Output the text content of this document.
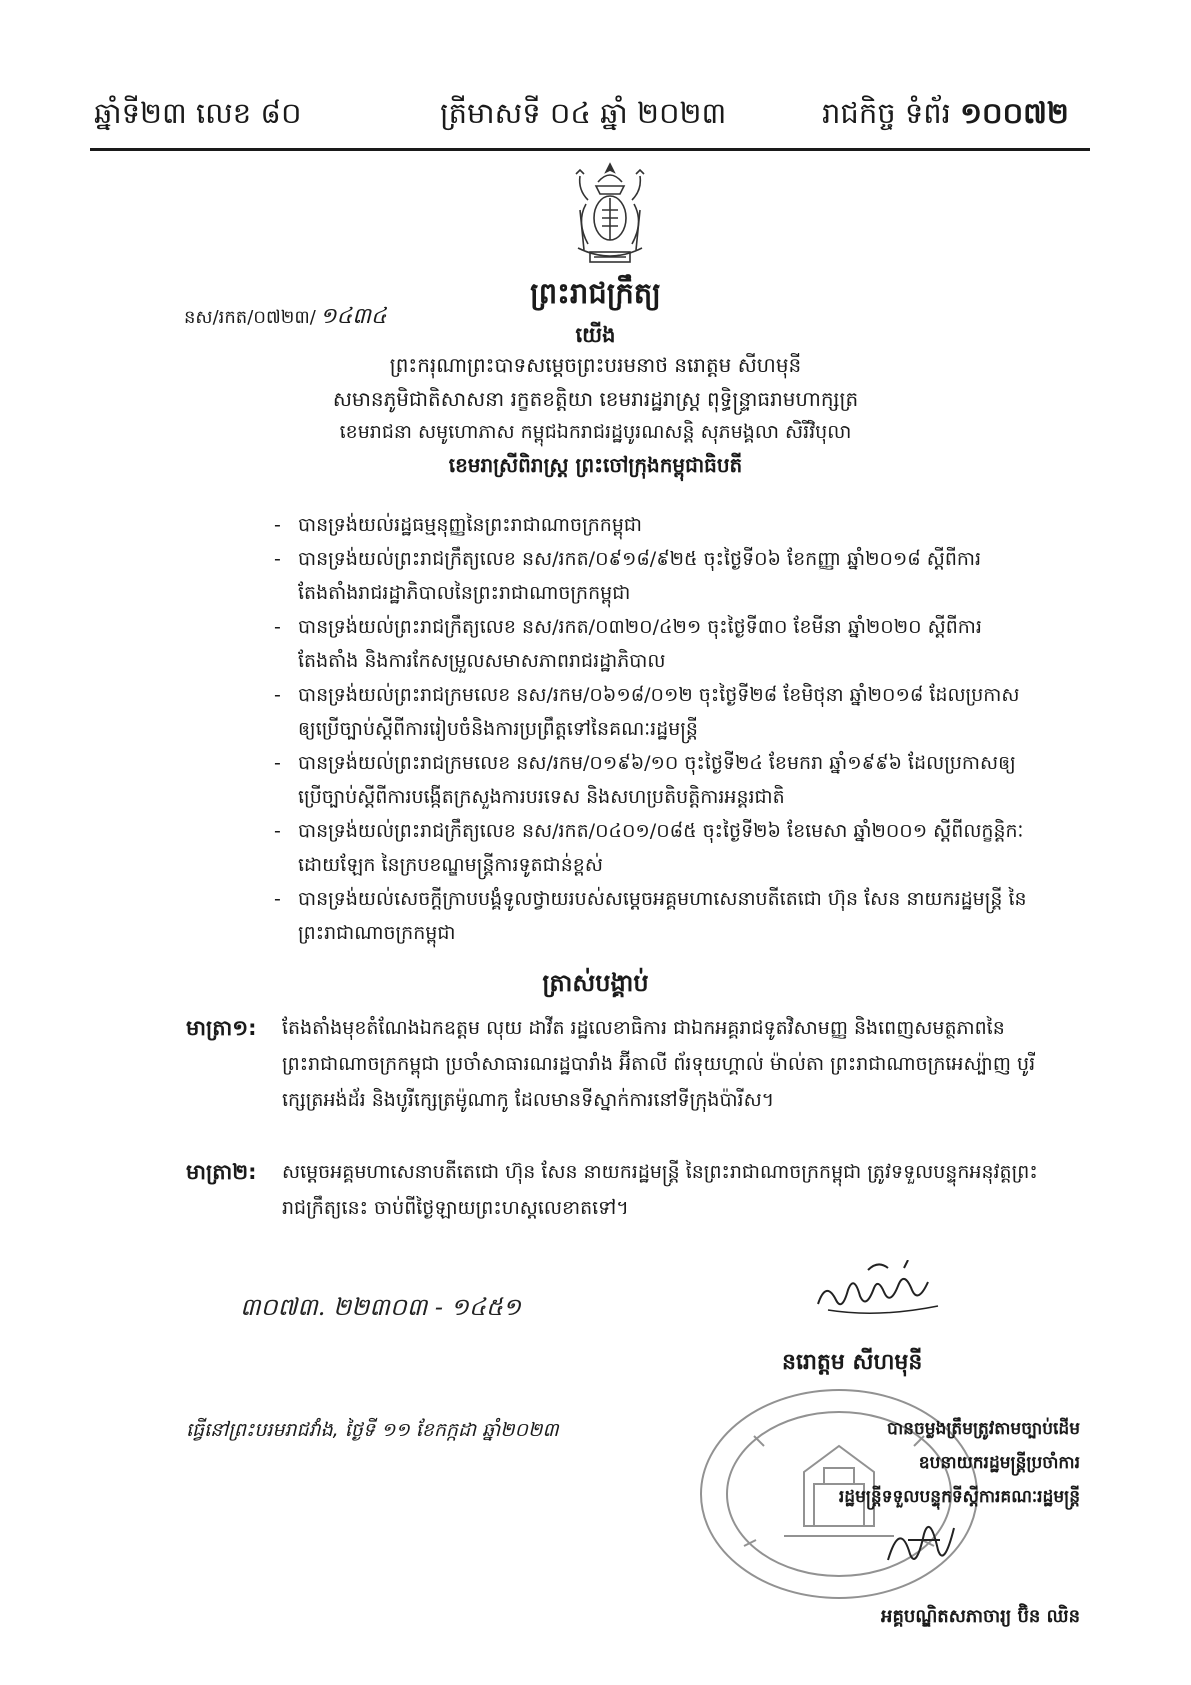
ឆ្នាំទី២៣ លេខ ៨០	ត្រីមាសទី ០៤ ឆ្នាំ ២០២៣	រាជកិច្ច ទំព័រ ១០០៧២
ព្រះរាជក្រឹត្យ
នស/រកត/០៧២៣/ ១៤៣៤
យើង
ព្រះករុណាព្រះបាទសម្តេចព្រះបរមនាថ នរោត្តម សីហមុនី
សមានភូមិជាតិសាសនា រក្ខតខត្តិយា ខេមរារដ្ឋរាស្ត្រ ពុទ្ធិន្ទ្រាធរាមហាក្សត្រ
ខេមរាជនា សមូហោភាស កម្ពុជឯករាជរដ្ឋបូរណសន្តិ សុភមង្គលា សិរីវិបុលា
ខេមរាស្រីពិរាស្ត្រ ព្រះចៅក្រុងកម្ពុជាធិបតី
- បានទ្រង់យល់រដ្ឋធម្មនុញ្ញនៃព្រះរាជាណាចក្រកម្ពុជា
- បានទ្រង់យល់ព្រះរាជក្រឹត្យលេខ នស/រកត/០៩១៨/៩២៥ ចុះថ្ងៃទី០៦ ខែកញ្ញា ឆ្នាំ២០១៨ ស្តីពីការតែងតាំងរាជរដ្ឋាភិបាលនៃព្រះរាជាណាចក្រកម្ពុជា
- បានទ្រង់យល់ព្រះរាជក្រឹត្យលេខ នស/រកត/០៣២០/៤២១ ចុះថ្ងៃទី៣០ ខែមីនា ឆ្នាំ២០២០ ស្តីពីការតែងតាំង និងការកែសម្រួលសមាសភាពរាជរដ្ឋាភិបាល
- បានទ្រង់យល់ព្រះរាជក្រមលេខ នស/រកម/០៦១៨/០១២ ចុះថ្ងៃទី២៨ ខែមិថុនា ឆ្នាំ២០១៨ ដែលប្រកាស ឲ្យប្រើច្បាប់ស្តីពីការរៀបចំនិងការប្រព្រឹត្តទៅនៃគណៈរដ្ឋមន្ត្រី
- បានទ្រង់យល់ព្រះរាជក្រមលេខ នស/រកម/០១៩៦/១០ ចុះថ្ងៃទី២៤ ខែមករា ឆ្នាំ១៩៩៦ ដែលប្រកាសឲ្យប្រើច្បាប់ស្តីពីការបង្កើតក្រសួងការបរទេស និងសហប្រតិបត្តិការអន្តរជាតិ
- បានទ្រង់យល់ព្រះរាជក្រឹត្យលេខ នស/រកត/០៤០១/០៨៥ ចុះថ្ងៃទី២៦ ខែមេសា ឆ្នាំ២០០១ ស្តីពីលក្ខន្តិកៈដោយឡែក នៃក្របខណ្ឌមន្ត្រីការទូតជាន់ខ្ពស់
- បានទ្រង់យល់សេចក្តីក្រាបបង្គំទូលថ្វាយរបស់សម្តេចអគ្គមហាសេនាបតីតេជោ ហ៊ុន សែន នាយករដ្ឋមន្ត្រី នៃព្រះរាជាណាចក្រកម្ពុជា
ត្រាស់បង្គាប់
មាត្រា១: តែងតាំងមុខតំណែងឯកឧត្តម លុយ ដាវីត រដ្ឋលេខាធិការ ជាឯកអគ្គរាជទូតវិសាមញ្ញ និងពេញសមត្ថភាពនៃព្រះរាជាណាចក្រកម្ពុជា ប្រចាំសាធារណរដ្ឋបារាំង អ៊ីតាលី ព័រទុយហ្គាល់ ម៉ាល់តា ព្រះរាជាណាចក្រអេស្ប៉ាញ បូរីក្សេត្រអង់ដ័រ និងបូរីក្សេត្រម៉ូណាកូ ដែលមានទីស្នាក់ការនៅទីក្រុងប៉ារីស។
មាត្រា២: សម្តេចអគ្គមហាសេនាបតីតេជោ ហ៊ុន សែន នាយករដ្ឋមន្ត្រី នៃព្រះរាជាណាចក្រកម្ពុជា ត្រូវទទួលបន្ទុកអនុវត្តព្រះរាជក្រឹត្យនេះ ចាប់ពីថ្ងៃឡាយព្រះហស្តលេខាតទៅ។
៣០៧៣. ២២៣០៣ - ១៤៥១
នរោត្តម សីហមុនី
ធ្វើនៅព្រះបរមរាជវាំង, ថ្ងៃទី ១១ ខែកក្កដា ឆ្នាំ២០២៣	បានចម្លងត្រឹមត្រូវតាមច្បាប់ដើម
ឧបនាយករដ្ឋមន្ត្រីប្រចាំការ
រដ្ឋមន្ត្រីទទួលបន្ទុកទីស្តីការគណៈរដ្ឋមន្ត្រី
អគ្គបណ្ឌិតសភាចារ្យ ប៊ិន ឈិន
